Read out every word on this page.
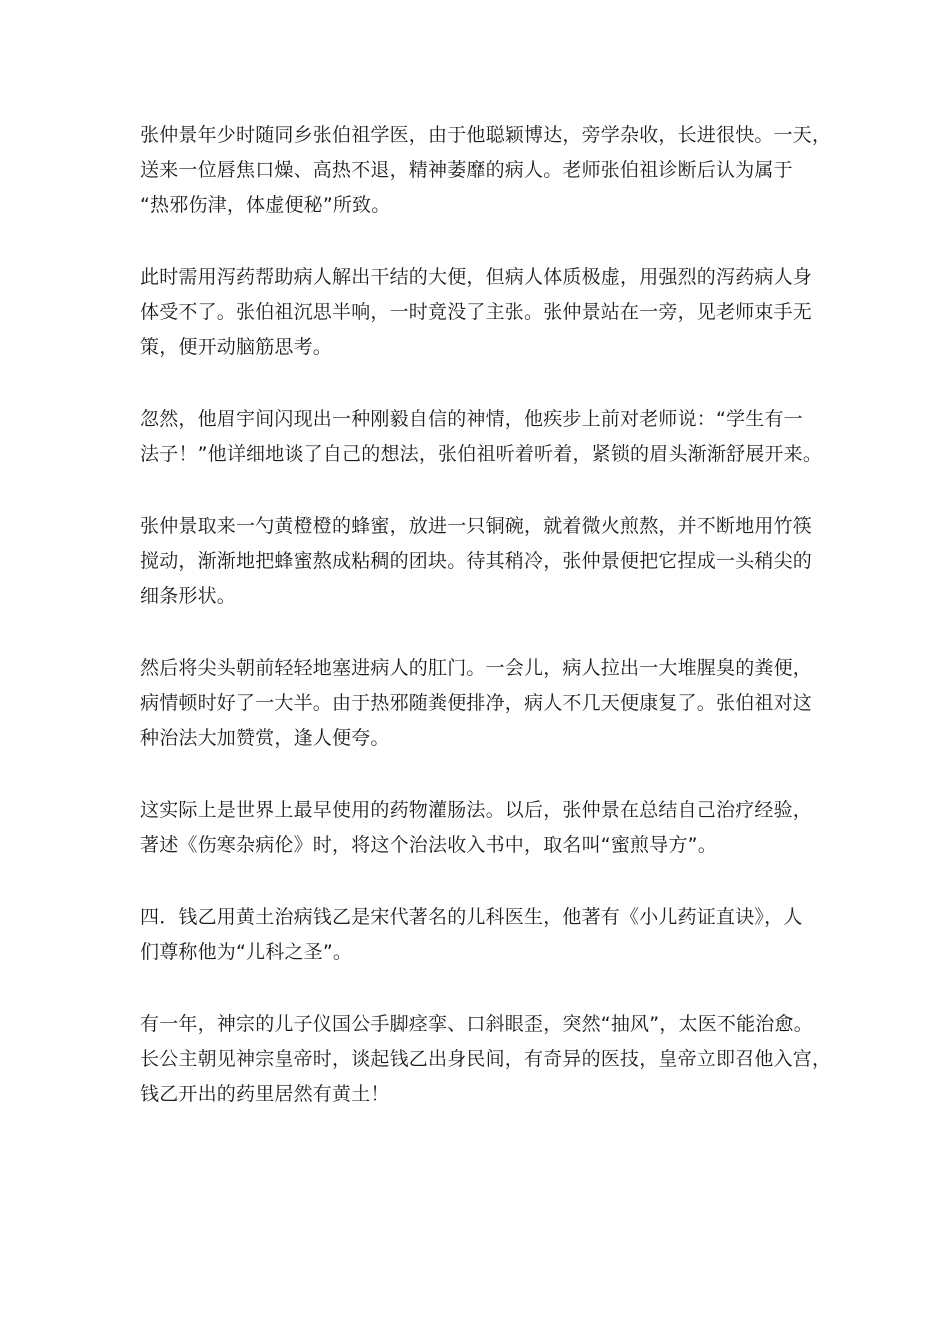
张仲景年少时随同乡张伯祖学医，由于他聪颖博达，旁学杂收，长进很快。一天，
送来一位唇焦口燥、高热不退，精神萎靡的病人。老师张伯祖诊断后认为属于
“热邪伤津，体虚便秘”所致。

此时需用泻药帮助病人解出干结的大便，但病人体质极虚，用强烈的泻药病人身
体受不了。张伯祖沉思半响，一时竟没了主张。张仲景站在一旁，见老师束手无
策，便开动脑筋思考。

忽然，他眉宇间闪现出一种刚毅自信的神情，他疾步上前对老师说：“学生有一
法子！”他详细地谈了自己的想法，张伯祖听着听着，紧锁的眉头渐渐舒展开来。

张仲景取来一勺黄橙橙的蜂蜜，放进一只铜碗，就着微火煎熬，并不断地用竹筷
搅动，渐渐地把蜂蜜熬成粘稠的团块。待其稍冷，张仲景便把它捏成一头稍尖的
细条形状。

然后将尖头朝前轻轻地塞进病人的肛门。一会儿，病人拉出一大堆腥臭的粪便，
病情顿时好了一大半。由于热邪随粪便排净，病人不几天便康复了。张伯祖对这
种治法大加赞赏，逢人便夸。

这实际上是世界上最早使用的药物灌肠法。以后，张仲景在总结自己治疗经验，
著述《伤寒杂病伦》时，将这个治法收入书中，取名叫“蜜煎导方”。

四．钱乙用黄土治病钱乙是宋代著名的儿科医生，他著有《小儿药证直诀》，人
们尊称他为“儿科之圣”。

有一年，神宗的儿子仪国公手脚痉挛、口斜眼歪，突然“抽风”，太医不能治愈。
长公主朝见神宗皇帝时，谈起钱乙出身民间，有奇异的医技，皇帝立即召他入宫，
钱乙开出的药里居然有黄土！
